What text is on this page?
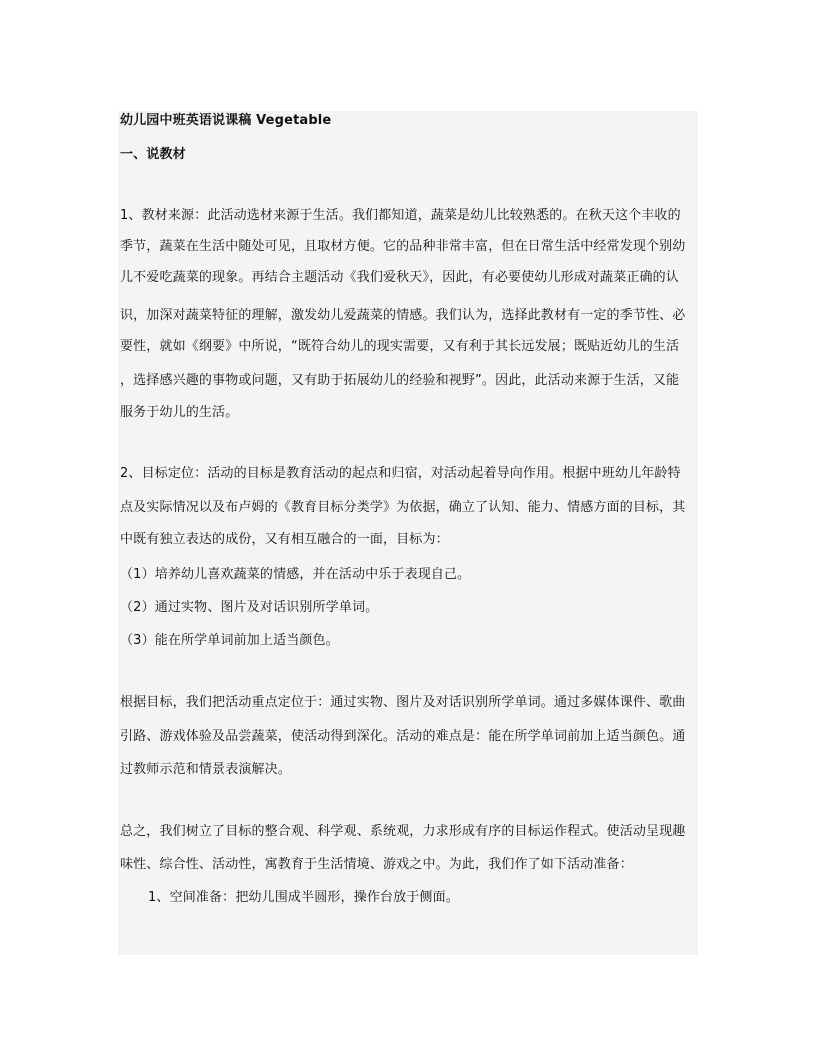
幼儿园中班英语说课稿 Vegetable
一、说教材
1、教材来源：此活动选材来源于生活。我们都知道，蔬菜是幼儿比较熟悉的。在秋天这个丰收的
季节，蔬菜在生活中随处可见，且取材方便。它的品种非常丰富，但在日常生活中经常发现个别幼
儿不爱吃蔬菜的现象。再结合主题活动《我们爱秋天》，因此，有必要使幼儿形成对蔬菜正确的认
识，加深对蔬菜特征的理解，激发幼儿爱蔬菜的情感。我们认为，选择此教材有一定的季节性、必
要性，就如《纲要》中所说，“既符合幼儿的现实需要，又有利于其长远发展；既贴近幼儿的生活
，选择感兴趣的事物或问题，又有助于拓展幼儿的经验和视野”。因此，此活动来源于生活，又能
服务于幼儿的生活。
2、目标定位：活动的目标是教育活动的起点和归宿，对活动起着导向作用。根据中班幼儿年龄特
点及实际情况以及布卢姆的《教育目标分类学》为依据，确立了认知、能力、情感方面的目标，其
中既有独立表达的成份，又有相互融合的一面，目标为：
（1）培养幼儿喜欢蔬菜的情感，并在活动中乐于表现自己。
（2）通过实物、图片及对话识别所学单词。
（3）能在所学单词前加上适当颜色。
根据目标，我们把活动重点定位于：通过实物、图片及对话识别所学单词。通过多媒体课件、歌曲
引路、游戏体验及品尝蔬菜，使活动得到深化。活动的难点是：能在所学单词前加上适当颜色。通
过教师示范和情景表演解决。
总之，我们树立了目标的整合观、科学观、系统观，力求形成有序的目标运作程式。使活动呈现趣
味性、综合性、活动性，寓教育于生活情境、游戏之中。为此，我们作了如下活动准备：
1、空间准备：把幼儿围成半圆形，操作台放于侧面。
